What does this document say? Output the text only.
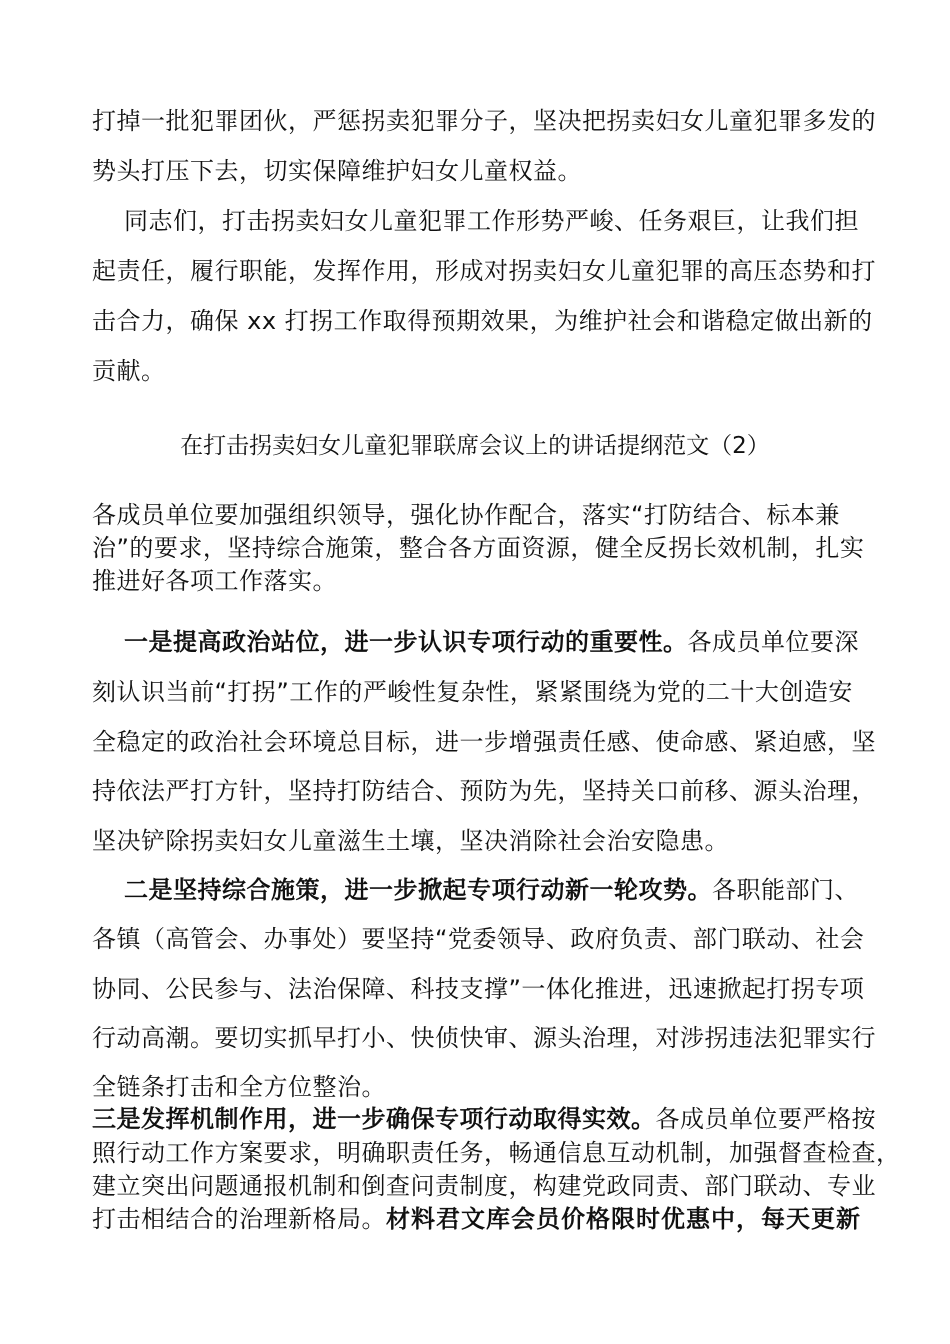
打掉一批犯罪团伙，严惩拐卖犯罪分子，坚决把拐卖妇女儿童犯罪多发的

势头打压下去，切实保障维护妇女儿童权益。

同志们，打击拐卖妇女儿童犯罪工作形势严峻、任务艰巨，让我们担

起责任，履行职能，发挥作用，形成对拐卖妇女儿童犯罪的高压态势和打

击合力，确保 xx 打拐工作取得预期效果，为维护社会和谐稳定做出新的

贡献。

在打击拐卖妇女儿童犯罪联席会议上的讲话提纲范文（2）

各成员单位要加强组织领导，强化协作配合，落实“打防结合、标本兼

治”的要求，坚持综合施策，整合各方面资源，健全反拐长效机制，扎实

推进好各项工作落实。

一是提高政治站位，进一步认识专项行动的重要性。各成员单位要深

刻认识当前“打拐”工作的严峻性复杂性，紧紧围绕为党的二十大创造安

全稳定的政治社会环境总目标，进一步增强责任感、使命感、紧迫感，坚

持依法严打方针，坚持打防结合、预防为先，坚持关口前移、源头治理，

坚决铲除拐卖妇女儿童滋生土壤，坚决消除社会治安隐患。

二是坚持综合施策，进一步掀起专项行动新一轮攻势。各职能部门、

各镇（高管会、办事处）要坚持“党委领导、政府负责、部门联动、社会

协同、公民参与、法治保障、科技支撑”一体化推进，迅速掀起打拐专项

行动高潮。要切实抓早打小、快侦快审、源头治理，对涉拐违法犯罪实行

全链条打击和全方位整治。

三是发挥机制作用，进一步确保专项行动取得实效。各成员单位要严格按

照行动工作方案要求，明确职责任务，畅通信息互动机制，加强督查检查，

建立突出问题通报机制和倒查问责制度，构建党政同责、部门联动、专业

打击相结合的治理新格局。材料君文库会员价格限时优惠中，每天更新
